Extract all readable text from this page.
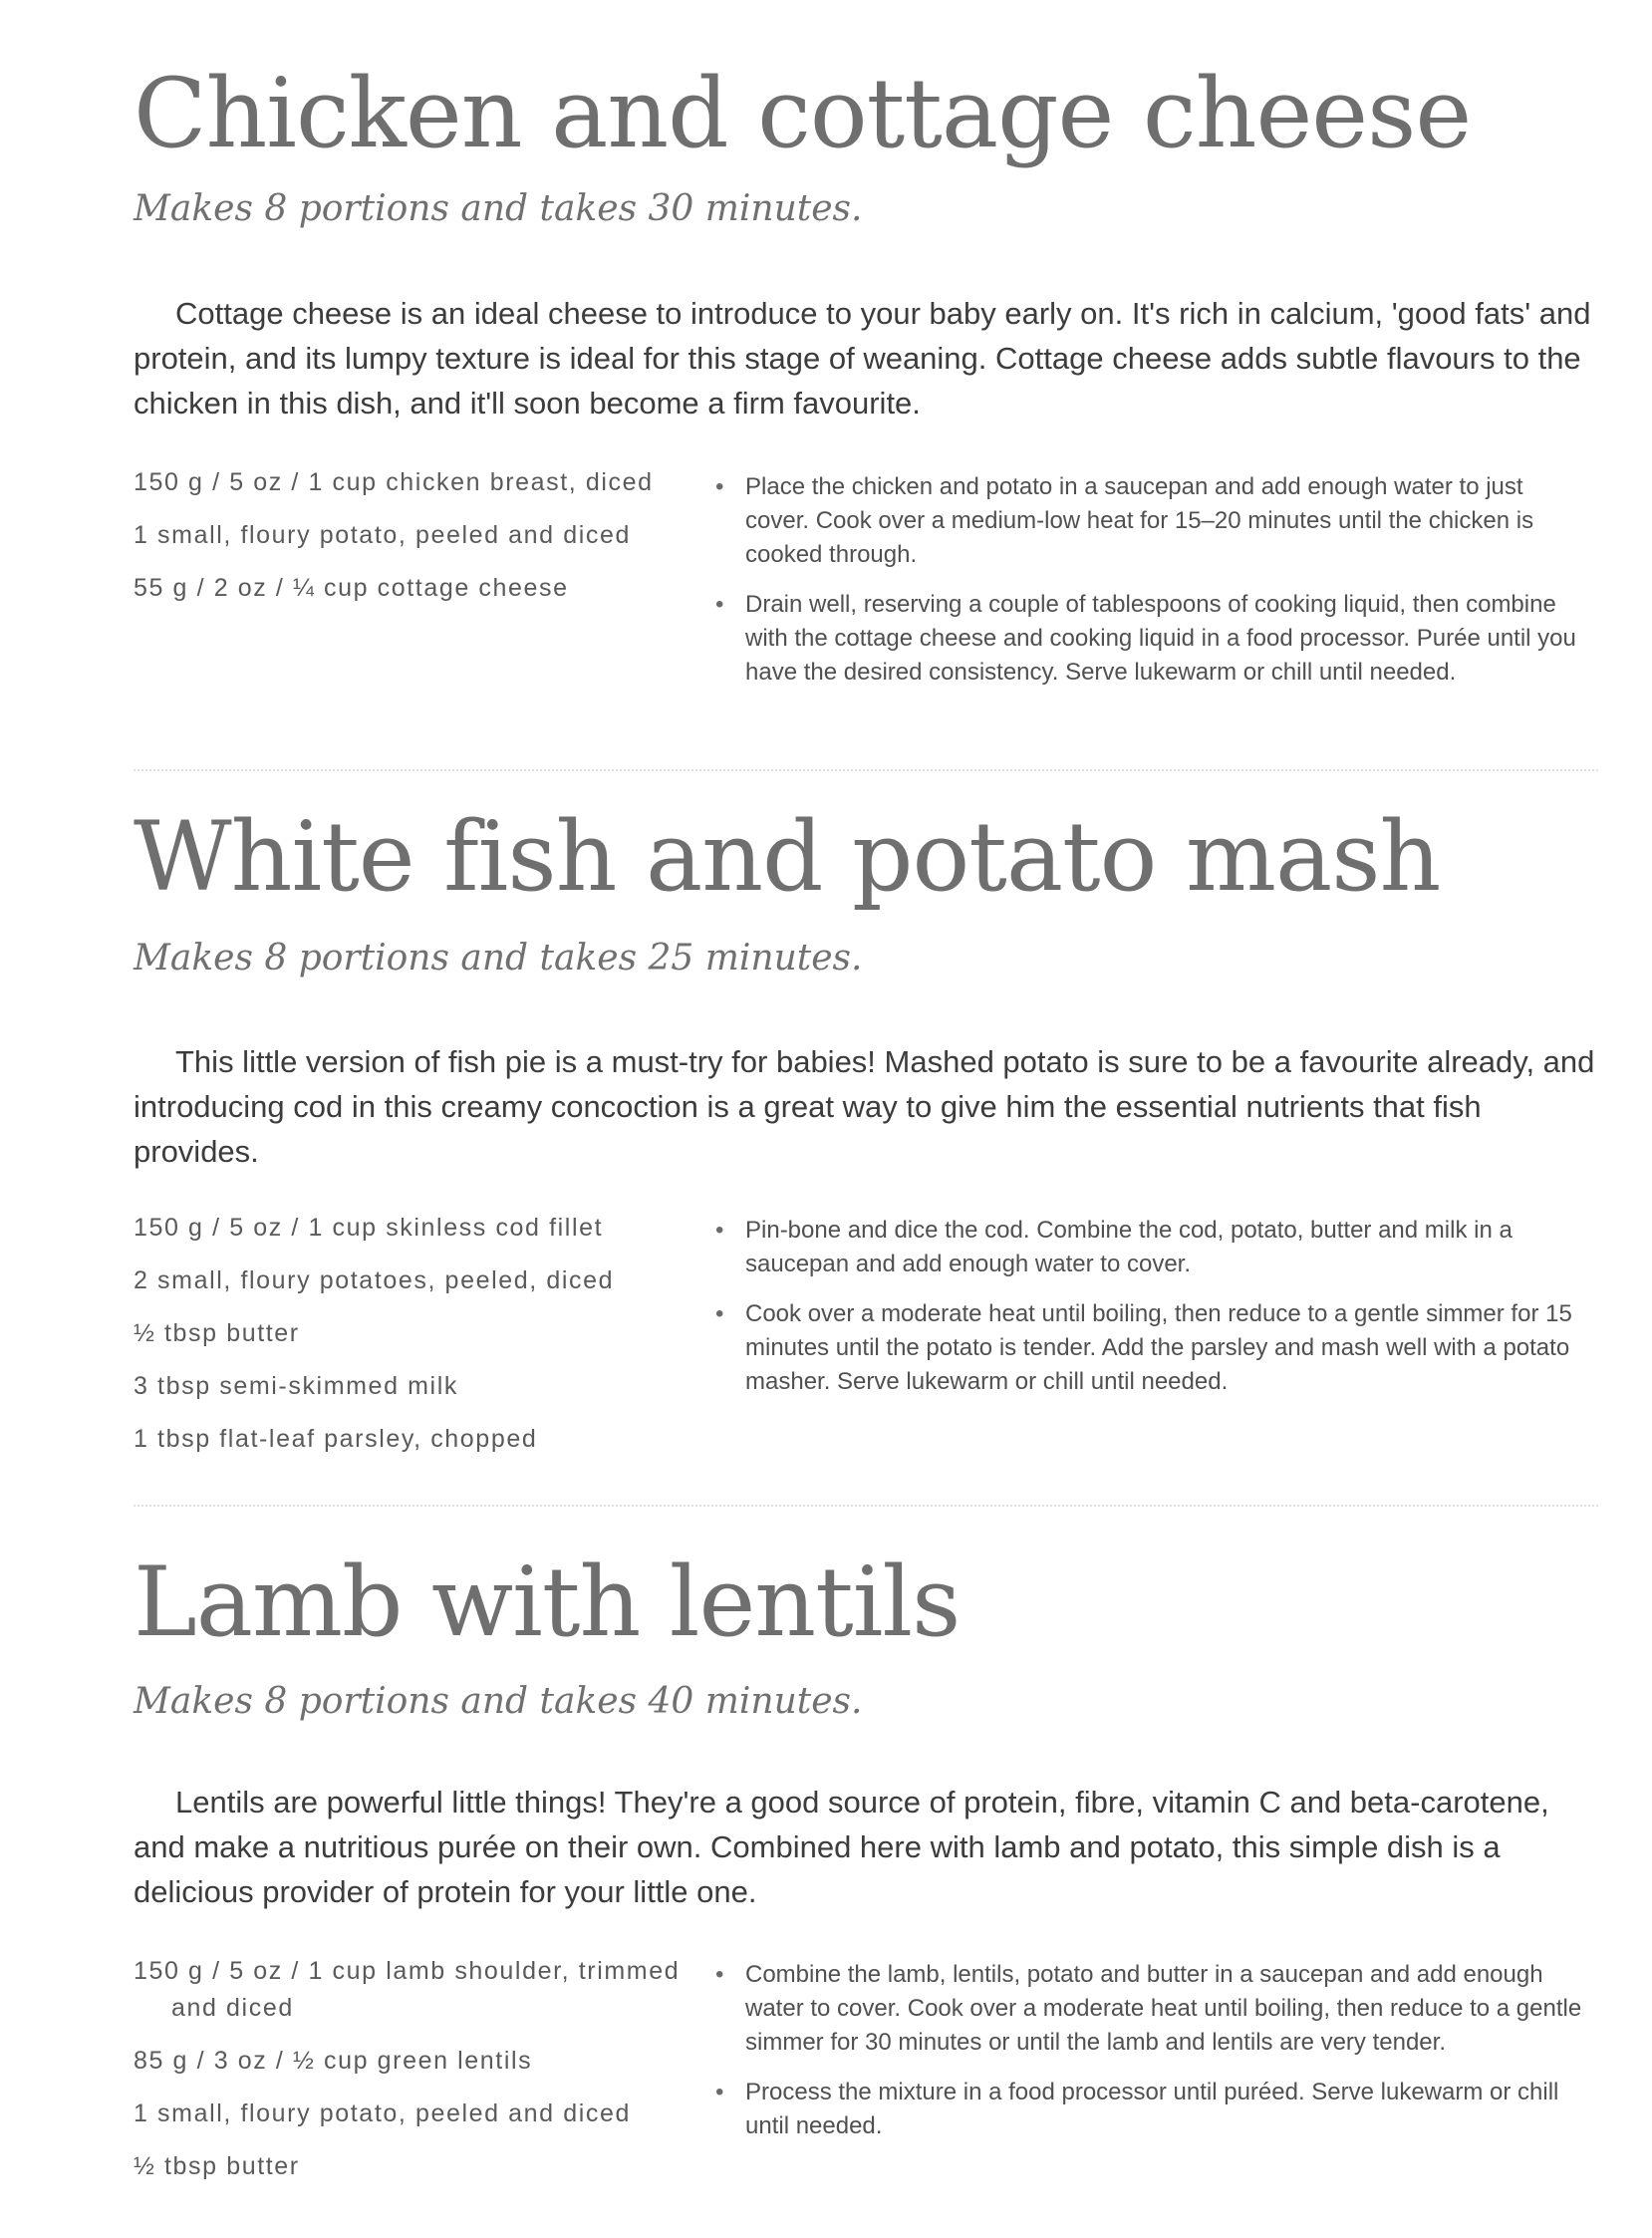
Chicken and cottage cheese

Makes 8 portions and takes 30 minutes.

Cottage cheese is an ideal cheese to introduce to your baby early on. It's rich in calcium, 'good fats' and protein, and its lumpy texture is ideal for this stage of weaning. Cottage cheese adds subtle flavours to the chicken in this dish, and it'll soon become a firm favourite.

150 g / 5 oz / 1 cup chicken breast, diced
1 small, floury potato, peeled and diced
55 g / 2 oz / ¼ cup cottage cheese
• Place the chicken and potato in a saucepan and add enough water to just cover. Cook over a medium-low heat for 15–20 minutes until the chicken is cooked through.
• Drain well, reserving a couple of tablespoons of cooking liquid, then combine with the cottage cheese and cooking liquid in a food processor. Purée until you have the desired consistency. Serve lukewarm or chill until needed.
White fish and potato mash

Makes 8 portions and takes 25 minutes.

This little version of fish pie is a must-try for babies! Mashed potato is sure to be a favourite already, and introducing cod in this creamy concoction is a great way to give him the essential nutrients that fish provides.

150 g / 5 oz / 1 cup skinless cod fillet
2 small, floury potatoes, peeled, diced
½ tbsp butter
3 tbsp semi-skimmed milk
1 tbsp flat-leaf parsley, chopped
• Pin-bone and dice the cod. Combine the cod, potato, butter and milk in a saucepan and add enough water to cover.
• Cook over a moderate heat until boiling, then reduce to a gentle simmer for 15 minutes until the potato is tender. Add the parsley and mash well with a potato masher. Serve lukewarm or chill until needed.
Lamb with lentils

Makes 8 portions and takes 40 minutes.

Lentils are powerful little things! They're a good source of protein, fibre, vitamin C and beta-carotene, and make a nutritious purée on their own. Combined here with lamb and potato, this simple dish is a delicious provider of protein for your little one.

150 g / 5 oz / 1 cup lamb shoulder, trimmed and diced
85 g / 3 oz / ½ cup green lentils
1 small, floury potato, peeled and diced
½ tbsp butter
• Combine the lamb, lentils, potato and butter in a saucepan and add enough water to cover. Cook over a moderate heat until boiling, then reduce to a gentle simmer for 30 minutes or until the lamb and lentils are very tender.
• Process the mixture in a food processor until puréed. Serve lukewarm or chill until needed.
